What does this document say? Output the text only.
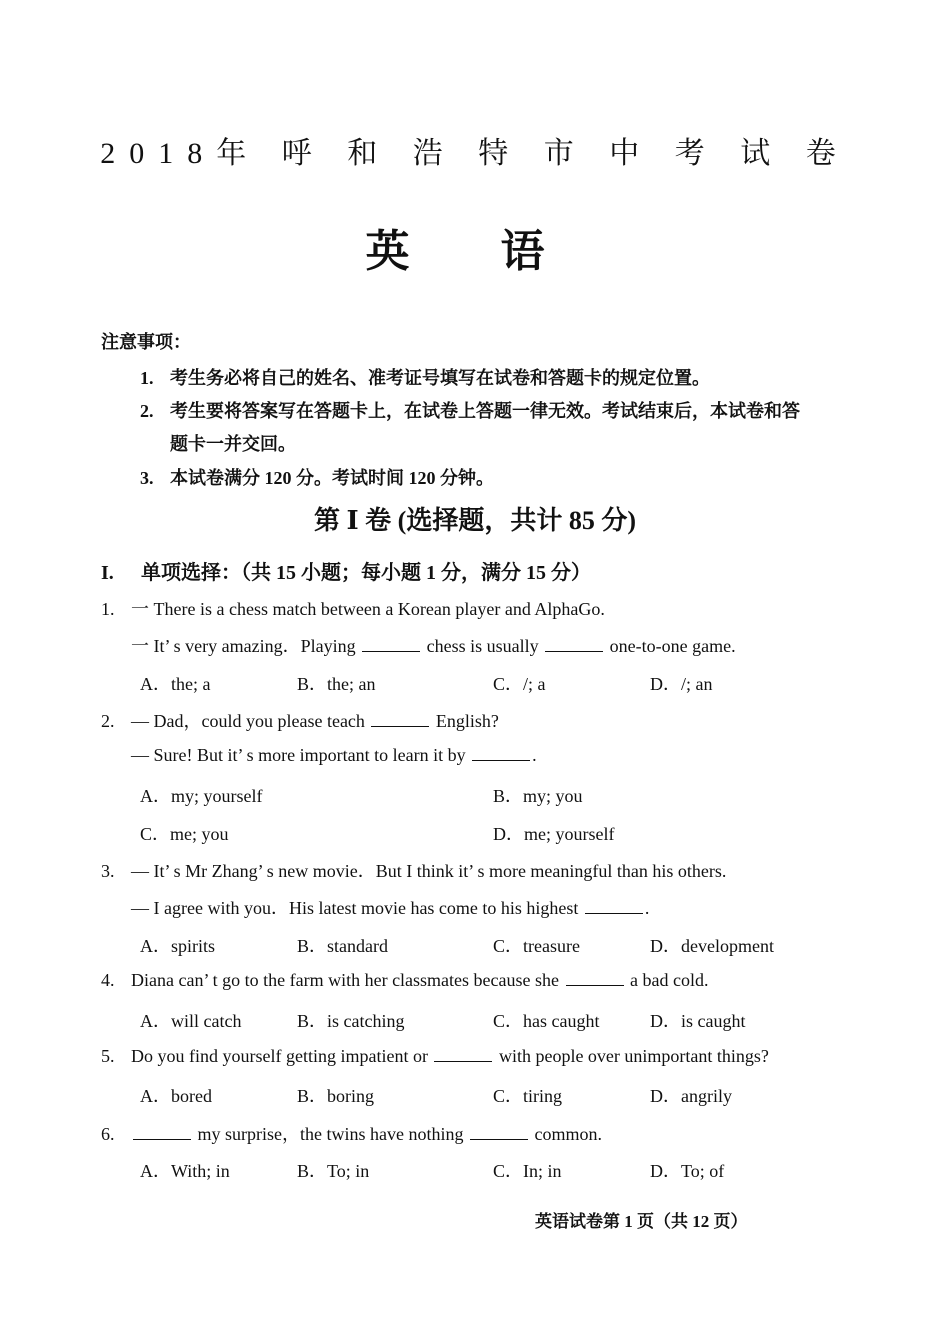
2018年 呼 和 浩 特 市 中 考 试 卷
英 语
注意事项：
1. 考生务必将自己的姓名、准考证号填写在试卷和答题卡的规定位置。
2. 考生要将答案写在答题卡上，在试卷上答题一律无效。考试结束后，本试卷和答
题卡一并交回。
3. 本试卷满分 120 分。考试时间 120 分钟。
第 Ⅰ 卷 (选择题，共计 85 分)
I. 单项选择：（共 15 小题；每小题 1 分，满分 15 分）
1. 一 There is a chess match between a Korean player and AlphaGo.
一 It’ s very amazing．Playing	chess is usually	one-to-one game.
A．the; a	B．the; an	C．/; a	D．/; an
2. — Dad，could you please teach	English?
— Sure! But it’ s more important to learn it by	.
A．my; yourself	B．my; you
C．me; you	D．me; yourself
3. — It’ s Mr Zhang’ s new movie．But I think it’ s more meaningful than his others.
— I agree with you．His latest movie has come to his highest	.
A．spirits	B．standard	C．treasure	D．development
4. Diana can’ t go to the farm with her classmates because she	a bad cold.
A．will catch	B．is catching	C．has caught	D．is caught
5. Do you find yourself getting impatient or	with people over unimportant things?
A．bored	B．boring	C．tiring	D．angrily
6.	my surprise，the twins have nothing	common.
A．With; in	B．To; in	C．In; in	D．To; of
英语试卷第 1 页（共 12 页）
